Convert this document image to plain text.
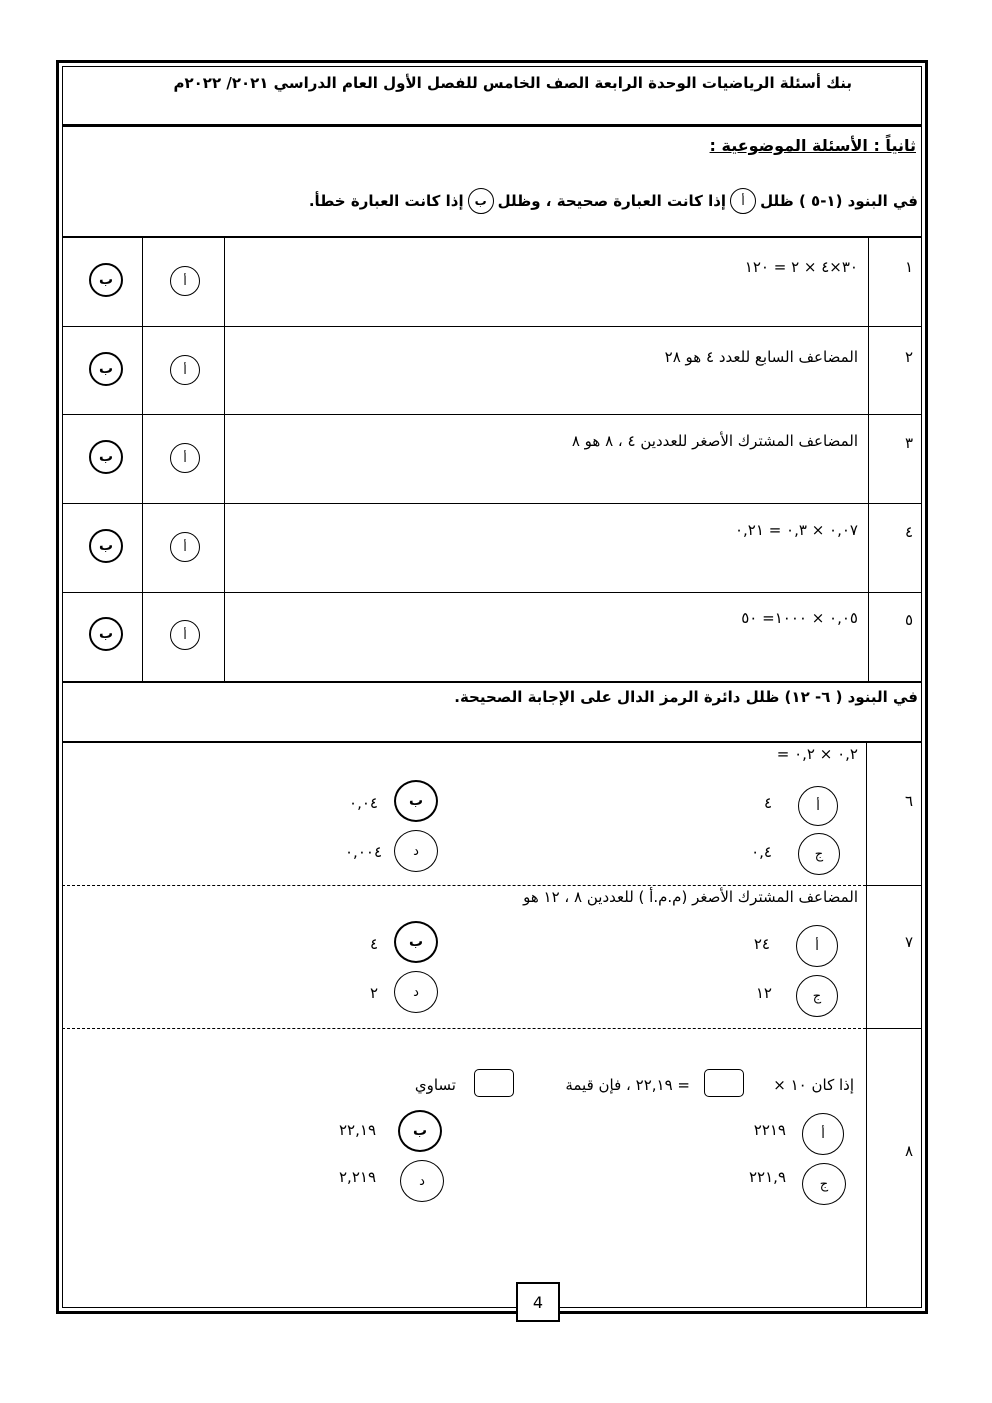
بنك أسئلة الرياضيات الوحدة الرابعة الصف الخامس للفصل الأول العام الدراسي ٢٠٢١/ ٢٠٢٢م
ثانياً : الأسئلة الموضوعية :
في البنود (١-٥ ) ظلل
أ
إذا كانت العبارة صحيحة ، وظلل
ب
إذا كانت العبارة خطأ.
١
٣٠×٤ × ٢ = ١٢٠
أ
ب
٢
المضاعف السابع للعدد ٤ هو ٢٨
أ
ب
٣
المضاعف المشترك الأصغر للعددين ٤ ، ٨ هو ٨
أ
ب
٤
٠,٠٧ × ٠,٣ = ٠,٢١
أ
ب
٥
٠,٠٥ × ١٠٠٠= ٥٠
أ
ب
في البنود ( ٦- ١٢) ظلل دائرة الرمز الدال على الإجابة الصحيحة.
٦
٠,٢ × ٠,٢ =
أ
٤
ب
٠,٠٤
ج
٠,٤
د
٠,٠٠٤
٧
المضاعف المشترك الأصغر (م.م.أ ) للعددين ٨ ، ١٢ هو
أ
٢٤
ب
٤
ج
١٢
د
٢
٨
إذا كان ١٠ ×
= ٢٢,١٩ ، فإن قيمة
تساوي
أ
٢٢١٩
ب
٢٢,١٩
ج
٢٢١,٩
د
٢,٢١٩
4
